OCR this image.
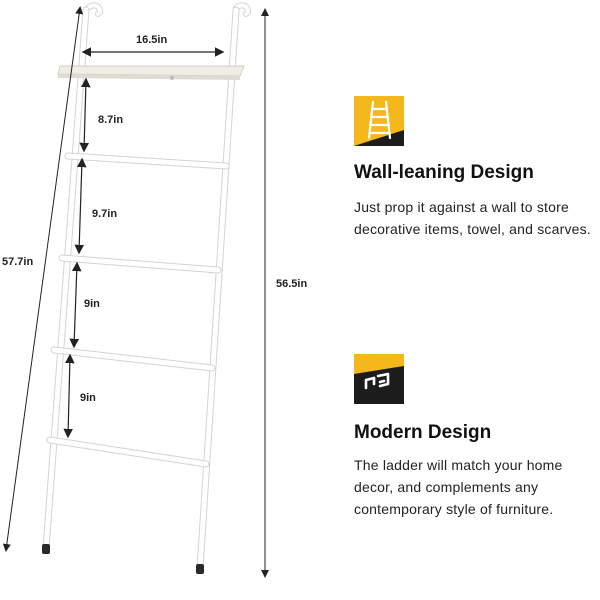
16.5in
8.7in
9.7in
9in
9in
57.7in
56.5in
Wall-leaning Design
Just prop it against a wall to store decorative items, towel, and scarves.
Modern Design
The ladder will match your home decor, and complements any contemporary style of furniture.
